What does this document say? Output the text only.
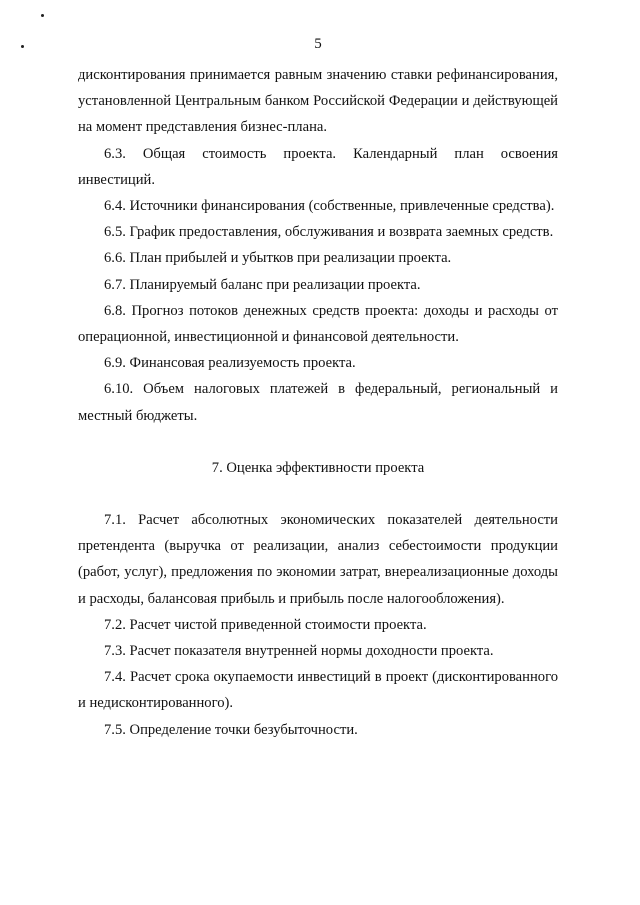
5

дисконтирования принимается равным значению ставки рефинансирования, установленной Центральным банком Российской Федерации и действующей на момент представления бизнес-плана.

6.3. Общая стоимость проекта. Календарный план освоения инвестиций.

6.4. Источники финансирования (собственные, привлеченные средства).

6.5. График предоставления, обслуживания и возврата заемных средств.

6.6. План прибылей и убытков при реализации проекта.

6.7. Планируемый баланс при реализации проекта.

6.8. Прогноз потоков денежных средств проекта: доходы и расходы от операционной, инвестиционной и финансовой деятельности.

6.9. Финансовая реализуемость проекта.

6.10. Объем налоговых платежей в федеральный, региональный и местный бюджеты.

7. Оценка эффективности проекта

7.1. Расчет абсолютных экономических показателей деятельности претендента (выручка от реализации, анализ себестоимости продукции (работ, услуг), предложения по экономии затрат, внереализационные доходы и расходы, балансовая прибыль и прибыль после налогообложения).

7.2. Расчет чистой приведенной стоимости проекта.

7.3. Расчет показателя внутренней нормы доходности проекта.

7.4. Расчет срока окупаемости инвестиций в проект (дисконтированного и недисконтированного).

7.5. Определение точки безубыточности.
